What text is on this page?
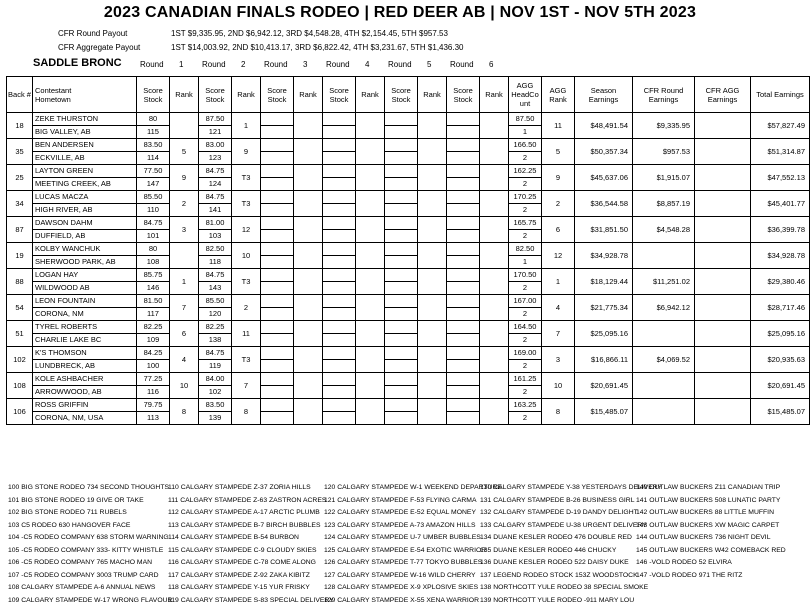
2023 CANADIAN FINALS RODEO | RED DEER AB | NOV 1ST - NOV 5TH 2023
CFR Round Payout	1ST $9,335.95, 2ND $6,942.12, 3RD $4,548.28, 4TH $2,154.45, 5TH $957.53
CFR Aggregate Payout	1ST $14,003.92, 2ND $10,413.17, 3RD $6,822.42, 4TH $3,231.67, 5TH $1,436.30
SADDLE BRONC Round 1 Round 2 Round 3 Round 4 Round 5 Round 6
Back #	Contestant
Hometown	Score Stock	Rank	Score Stock	Rank	Score Stock	Rank	Score Stock	Rank	Score Stock	Rank	Score Stock	Rank	AGG HeadCo unt	AGG Rank	Season Earnings	CFR Round Earnings	CFR AGG Earnings	Total Earnings
18	ZEKE THURSTON	80		87.50	1									87.50	11	$48,491.54	$9,335.95		$57,827.49
	BIG VALLEY, AB	115		121										1					
35	BEN ANDERSEN	83.50	5	83.00	9									166.50	5	$50,357.34	$957.53		$51,314.87
	ECKVILLE, AB	114		123										2					
25	LAYTON GREEN	77.50	9	84.75	T3									162.25	9	$45,637.06	$1,915.07		$47,552.13
	MEETING CREEK, AB	147		124										2					
34	LUCAS MACZA	85.50	2	84.75	T3									170.25	2	$36,544.58	$8,857.19		$45,401.77
	HIGH RIVER, AB	110		141										2					
87	DAWSON DAHM	84.75	3	81.00	12									165.75	6	$31,851.50	$4,548.28		$36,399.78
	DUFFIELD, AB	101		103										2					
19	KOLBY WANCHUK	80		82.50	10									82.50	12	$34,928.78			$34,928.78
	SHERWOOD PARK, AB	108		118										1					
88	LOGAN HAY	85.75	1	84.75	T3									170.50	1	$18,129.44	$11,251.02		$29,380.46
	WILDWOOD AB	146		143										2					
54	LEON FOUNTAIN	81.50	7	85.50	2									167.00	4	$21,775.34	$6,942.12		$28,717.46
	CORONA, NM	117		120										2					
51	TYREL ROBERTS	82.25	6	82.25	11									164.50	7	$25,095.16			$25,095.16
	CHARLIE LAKE BC	109		138										2					
102	K'S THOMSON	84.25	4	84.75	T3									169.00	3	$16,866.11	$4,069.52		$20,935.63
	LUNDBRECK, AB	100		119										2					
108	KOLE ASHBACHER	77.25	10	84.00	7									161.25	10	$20,691.45			$20,691.45
	ARROWWOOD, AB	116		102										2					
106	ROSS GRIFFIN	79.75	8	83.50	8									163.25	8	$15,485.07			$15,485.07
	CORONA, NM, USA	113		139										2					
100 BIG STONE RODEO 734 SECOND THOUGHTS
101 BIG STONE RODEO 19 GIVE OR TAKE
102 BIG STONE RODEO 711 RUBELS
103 C5 RODEO 630 HANGOVER FACE
104 -C5 RODEO COMPANY 638 STORM WARNING
105 -C5 RODEO COMPANY 333- KITTY WHISTLE
106 -C5 RODEO COMPANY 765 MACHO MAN
107 -C5 RODEO COMPANY 3003 TRUMP CARD
108 CALGARY STAMPEDE A-6 ANNUAL NEWS
109 CALGARY STAMPEDE W-17 WRONG FLAVOUR
110 CALGARY STAMPEDE Z-37 ZORIA HILLS
111 CALGARY STAMPEDE Z-63 ZASTRON ACRES
112 CALGARY STAMPEDE A-17 ARCTIC PLUMB
113 CALGARY STAMPEDE B-7 BIRCH BUBBLES
114 CALGARY STAMPEDE B-54 BURBON
115 CALGARY STAMPEDE C-9 CLOUDY SKIES
116 CALGARY STAMPEDE C-78 COME ALONG
117 CALGARY STAMPEDE Z-92 ZAKA KIBITZ
118 CALGARY STAMPEDE Y-15 YUR FRISKY
119 CALGARY STAMPEDE S-83 SPECIAL DELIVERY
120 CALGARY STAMPEDE W-1 WEEKEND DEPARTURE
121 CALGARY STAMPEDE F-53 FLYING CARMA
122 CALGARY STAMPEDE E-52 EQUAL MONEY
123 CALGARY STAMPEDE A-73 AMAZON HILLS
124 CALGARY STAMPEDE U-7 UMBER BUBBLES
125 CALGARY STAMPEDE E-54 EXOTIC WARRIOR
126 CALGARY STAMPEDE T-77 TOKYO BUBBLES
127 CALGARY STAMPEDE W-16 WILD CHERRY
128 CALGARY STAMPEDE X-9 XPLOSIVE SKIES
129 CALGARY STAMPEDE X-55 XENA WARRIOR
130 CALGARY STAMPEDE Y-38 YESTERDAYS DELIVERY
131 CALGARY STAMPEDE B-26 BUSINESS GIRL
132 CALGARY STAMPEDE D-19 DANDY DELIGHT
133 CALGARY STAMPEDE U-38 URGENT DELIVERY
134 DUANE KESLER RODEO 476 DOUBLE RED
135 DUANE KESLER RODEO 446 CHUCKY
136 DUANE KESLER RODEO 522 DAISY DUKE
137 LEGEND RODEO STOCK 153Z WOODSTOCK
138 NORTHCOTT YULE RODEO 38 SPECIAL SMOKE
139 NORTHCOTT YULE RODEO -911 MARY LOU
140 OUTLAW BUCKERS Z11 CANADIAN TRIP
141 OUTLAW BUCKERS 508 LUNATIC PARTY
142 OUTLAW BUCKERS 88 LITTLE MUFFIN
143 OUTLAW BUCKERS XW MAGIC CARPET
144 OUTLAW BUCKERS 736 NIGHT DEVIL
145 OUTLAW BUCKERS W42 COMEBACK RED
146 -VOLD RODEO 52 ELVIRA
147 -VOLD RODEO 971 THE RITZ
